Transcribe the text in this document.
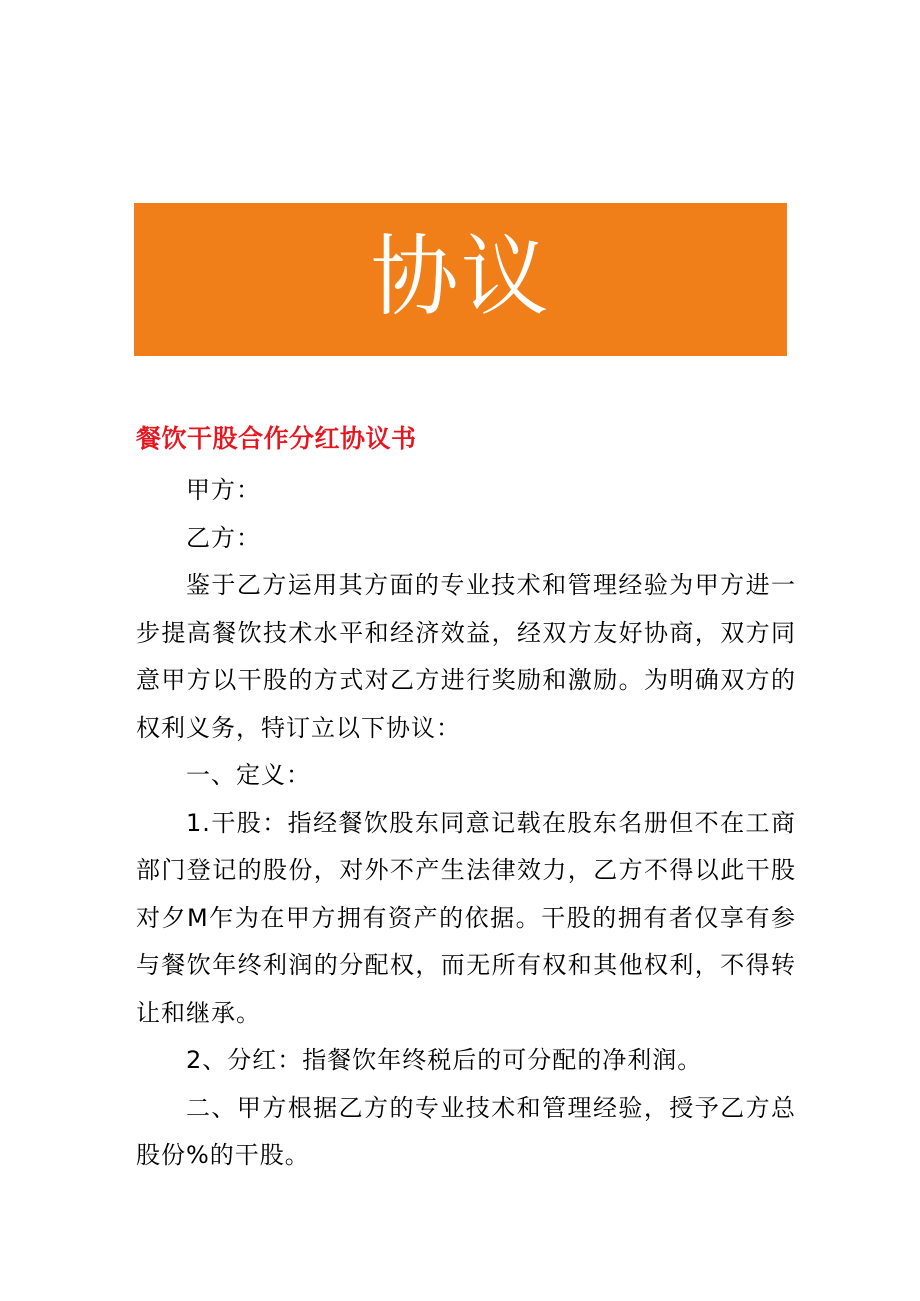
协议
餐饮干股合作分红协议书

甲方：

乙方：

鉴于乙方运用其方面的专业技术和管理经验为甲方进一步提高餐饮技术水平和经济效益，经双方友好协商，双方同意甲方以干股的方式对乙方进行奖励和激励。为明确双方的权利义务，特订立以下协议：

一、定义：

1.干股：指经餐饮股东同意记载在股东名册但不在工商部门登记的股份，对外不产生法律效力，乙方不得以此干股对夕M乍为在甲方拥有资产的依据。干股的拥有者仅享有参与餐饮年终利润的分配权，而无所有权和其他权利，不得转让和继承。

2、分红：指餐饮年终税后的可分配的净利润。

二、甲方根据乙方的专业技术和管理经验，授予乙方总股份%的干股。
